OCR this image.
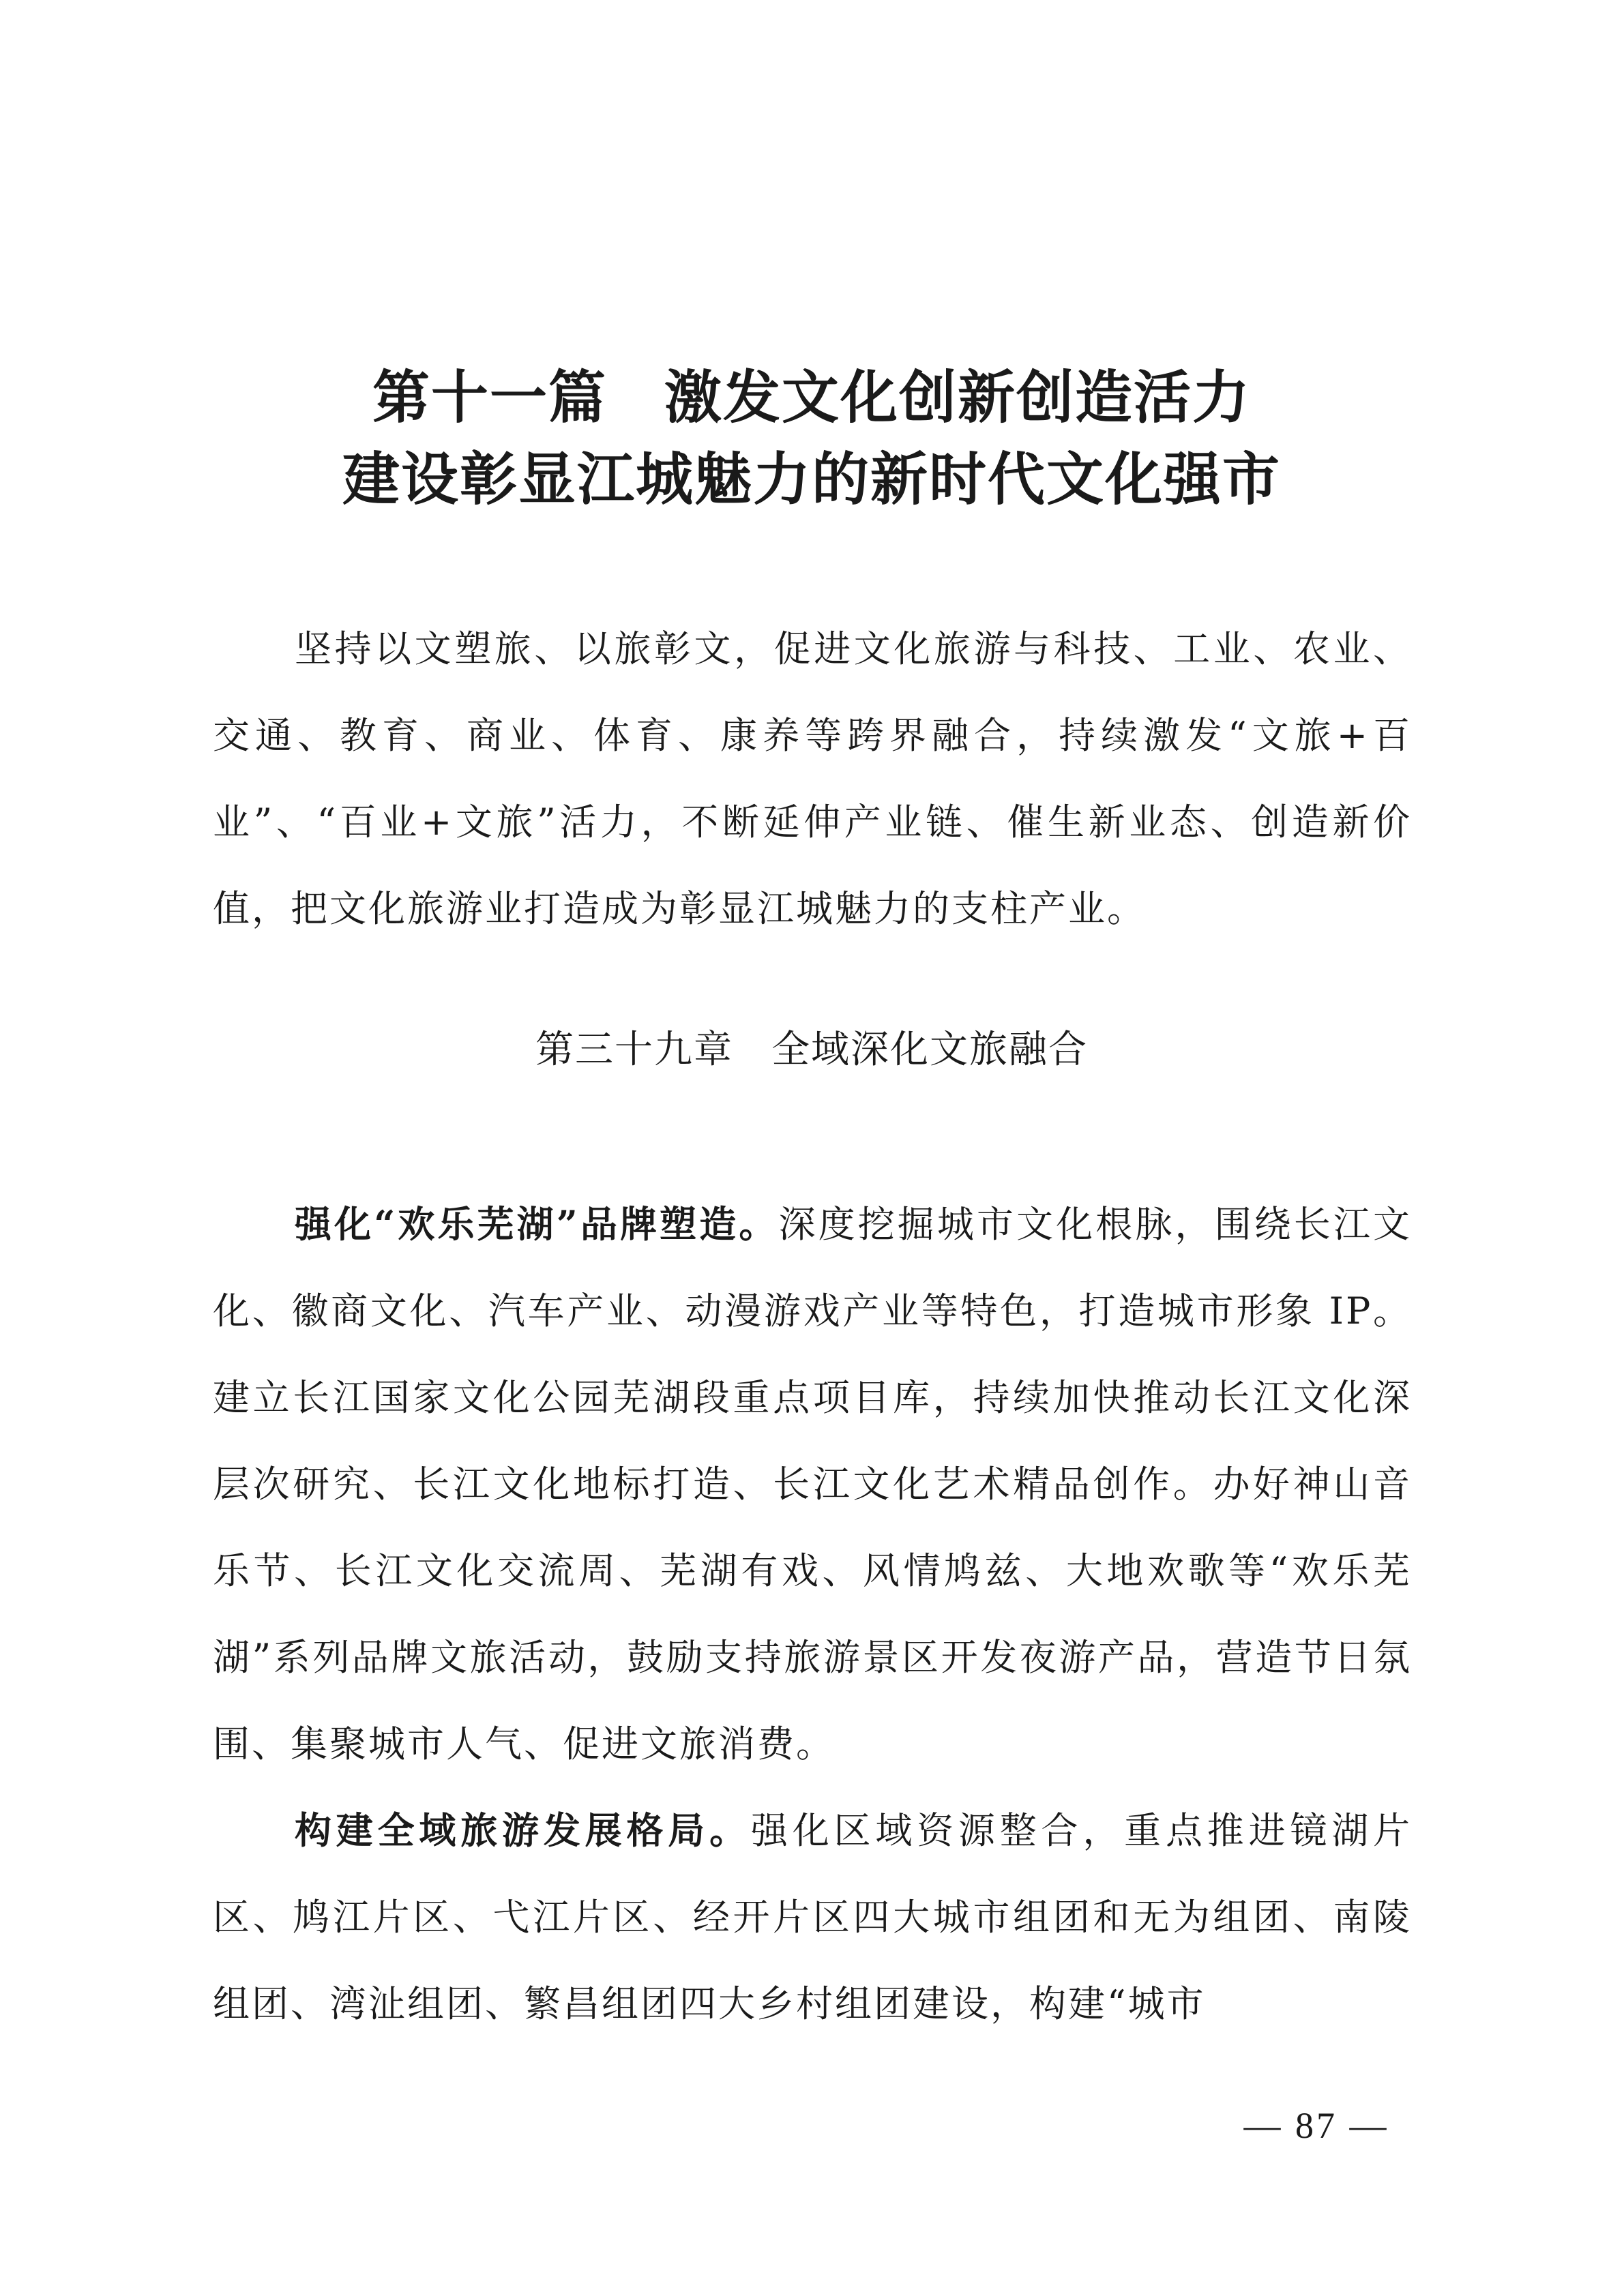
第十一篇 激发文化创新创造活力
建设彰显江城魅力的新时代文化强市

坚持以文塑旅、以旅彰文，促进文化旅游与科技、工业、农业、交通、教育、商业、体育、康养等跨界融合，持续激发“文旅+百业”、“百业+文旅”活力，不断延伸产业链、催生新业态、创造新价值，把文化旅游业打造成为彰显江城魅力的支柱产业。

第三十九章 全域深化文旅融合

强化“欢乐芜湖”品牌塑造。深度挖掘城市文化根脉，围绕长江文化、徽商文化、汽车产业、动漫游戏产业等特色，打造城市形象 IP。建立长江国家文化公园芜湖段重点项目库，持续加快推动长江文化深层次研究、长江文化地标打造、长江文化艺术精品创作。办好神山音乐节、长江文化交流周、芜湖有戏、风情鸠兹、大地欢歌等“欢乐芜湖”系列品牌文旅活动，鼓励支持旅游景区开发夜游产品，营造节日氛围、集聚城市人气、促进文旅消费。

构建全域旅游发展格局。强化区域资源整合，重点推进镜湖片区、鸠江片区、弋江片区、经开片区四大城市组团和无为组团、南陵组团、湾沚组团、繁昌组团四大乡村组团建设，构建“城市

— 87 —
